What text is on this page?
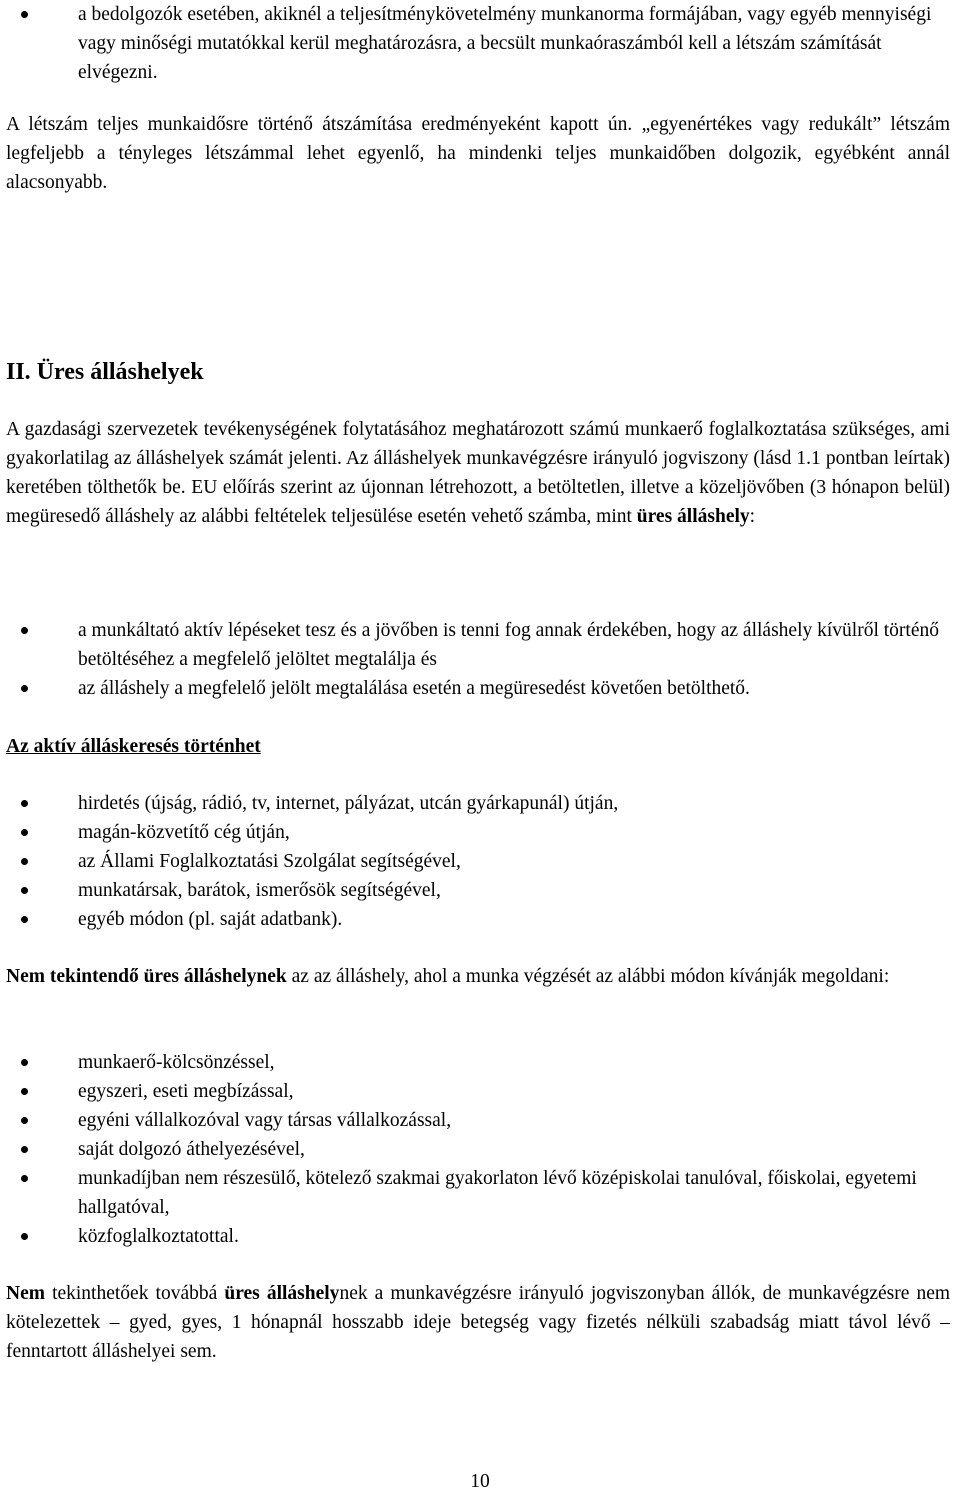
a bedolgozók esetében, akiknél a teljesítménykövetelmény munkanorma formájában, vagy egyéb mennyiségi vagy minőségi mutatókkal kerül meghatározásra, a becsült munkaóraszámból kell a létszám számítását elvégezni.

A létszám teljes munkaidősre történő átszámítása eredményeként kapott ún. „egyenértékes vagy redukált” létszám legfeljebb a tényleges létszámmal lehet egyenlő, ha mindenki teljes munkaidőben dolgozik, egyébként annál alacsonyabb.

II. Üres álláshelyek

A gazdasági szervezetek tevékenységének folytatásához meghatározott számú munkaerő foglalkoztatása szükséges, ami gyakorlatilag az álláshelyek számát jelenti. Az álláshelyek munkavégzésre irányuló jogviszony (lásd 1.1 pontban leírtak) keretében tölthetők be. EU előírás szerint az újonnan létrehozott, a betöltetlen, illetve a közeljövőben (3 hónapon belül) megüresedő álláshely az alábbi feltételek teljesülése esetén vehető számba, mint üres álláshely:

a munkáltató aktív lépéseket tesz és a jövőben is tenni fog annak érdekében, hogy az álláshely kívülről történő betöltéséhez a megfelelő jelöltet megtalálja és
az álláshely a megfelelő jelölt megtalálása esetén a megüresedést követően betölthető.
Az aktív álláskeresés történhet
hirdetés (újság, rádió, tv, internet, pályázat, utcán gyárkapunál) útján,
magán-közvetítő cég útján,
az Állami Foglalkoztatási Szolgálat segítségével,
munkatársak, barátok, ismerősök segítségével,
egyéb módon (pl. saját adatbank).

Nem tekintendő üres álláshelynek az az álláshely, ahol a munka végzését az alábbi módon kívánják megoldani:

munkaerő-kölcsönzéssel,
egyszeri, eseti megbízással,
egyéni vállalkozóval vagy társas vállalkozással,
saját dolgozó áthelyezésével,
munkadíjban nem részesülő, kötelező szakmai gyakorlaton lévő középiskolai tanulóval, főiskolai, egyetemi hallgatóval,
közfoglalkoztatottal.

Nem tekinthetőek továbbá üres álláshelynek a munkavégzésre irányuló jogviszonyban állók, de munkavégzésre nem kötelezettek – gyed, gyes, 1 hónapnál hosszabb ideje betegség vagy fizetés nélküli szabadság miatt távol lévő – fenntartott álláshelyei sem.

10
